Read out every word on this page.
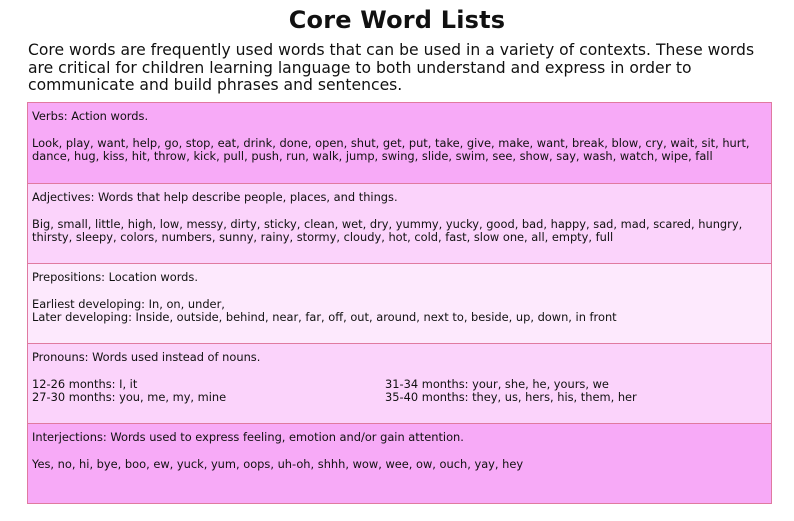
Core Word Lists
Core words are frequently used words that can be used in a variety of contexts. These words are critical for children learning language to both understand and express in order to communicate and build phrases and sentences.
Verbs: Action words.
Look, play, want, help, go, stop, eat, drink, done, open, shut, get, put, take, give, make, want, break, blow, cry, wait, sit, hurt, dance, hug, kiss, hit, throw, kick, pull, push, run, walk, jump, swing, slide, swim, see, show, say, wash, watch, wipe, fall
Adjectives: Words that help describe people, places, and things.
Big, small, little, high, low, messy, dirty, sticky, clean, wet, dry, yummy, yucky, good, bad, happy, sad, mad, scared, hungry, thirsty, sleepy, colors, numbers, sunny, rainy, stormy, cloudy, hot, cold, fast, slow one, all, empty, full
Prepositions: Location words.
Earliest developing: In, on, under,
Later developing: Inside, outside, behind, near, far, off, out, around, next to, beside, up, down, in front
Pronouns: Words used instead of nouns.
12-26 months: I, it
27-30 months: you, me, my, mine
31-34 months: your, she, he, yours, we
35-40 months: they, us, hers, his, them, her
Interjections: Words used to express feeling, emotion and/or gain attention.
Yes, no, hi, bye, boo, ew, yuck, yum, oops, uh-oh, shhh, wow, wee, ow, ouch, yay, hey
